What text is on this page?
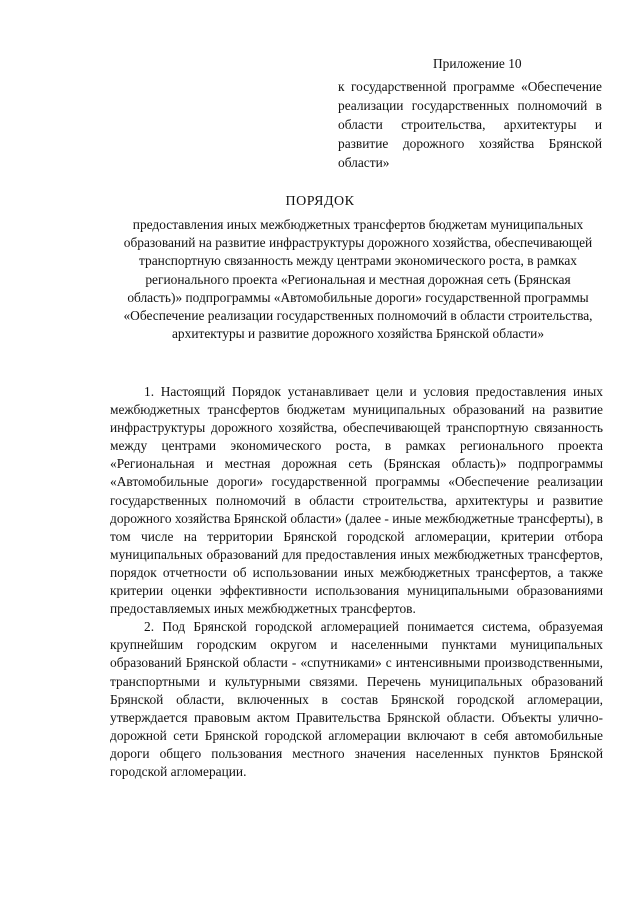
Приложение 10
к государственной программе «Обеспечение реализации государственных полномочий в области строительства, архитектуры и развитие дорожного хозяйства Брянской области»
ПОРЯДОК
предоставления иных межбюджетных трансфертов бюджетам муниципальных образований на развитие инфраструктуры дорожного хозяйства, обеспечивающей транспортную связанность между центрами экономического роста, в рамках регионального проекта «Региональная и местная дорожная сеть (Брянская область)» подпрограммы «Автомобильные дороги» государственной программы «Обеспечение реализации государственных полномочий в области строительства, архитектуры и развитие дорожного хозяйства Брянской области»

1. Настоящий Порядок устанавливает цели и условия предоставления иных межбюджетных трансфертов бюджетам муниципальных образований на развитие инфраструктуры дорожного хозяйства, обеспечивающей транспортную связанность между центрами экономического роста, в рамках регионального проекта «Региональная и местная дорожная сеть (Брянская область)» подпрограммы «Автомобильные дороги» государственной программы «Обеспечение реализации государственных полномочий в области строительства, архитектуры и развитие дорожного хозяйства Брянской области» (далее - иные межбюджетные трансферты), в том числе на территории Брянской городской агломерации, критерии отбора муниципальных образований для предоставления иных межбюджетных трансфертов, порядок отчетности об использовании иных межбюджетных трансфертов, а также критерии оценки эффективности использования муниципальными образованиями предоставляемых иных межбюджетных трансфертов.

2. Под Брянской городской агломерацией понимается система, образуемая крупнейшим городским округом и населенными пунктами муниципальных образований Брянской области - «спутниками» с интенсивными производственными, транспортными и культурными связями. Перечень муниципальных образований Брянской области, включенных в состав Брянской городской агломерации, утверждается правовым актом Правительства Брянской области. Объекты улично-дорожной сети Брянской городской агломерации включают в себя автомобильные дороги общего пользования местного значения населенных пунктов Брянской городской агломерации.
